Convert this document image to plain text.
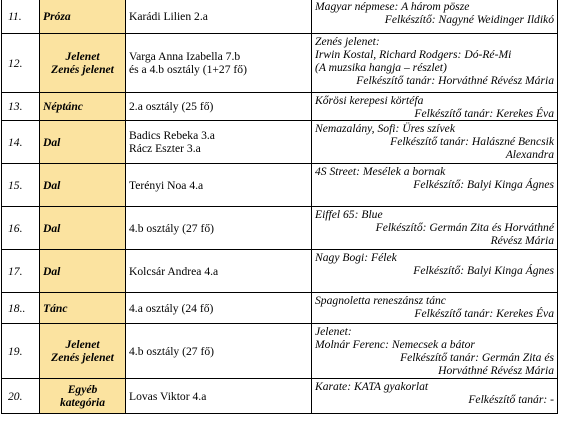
11.	Próza	Karádi Lilien 2.a	Magyar népmese: A három pösze
Felkészítő: Nagyné Weidinger Ildikó

12.	Jelenet
Zenés jelenet	Varga Anna Izabella 7.b
és a 4.b osztály (1+27 fő)	Zenés jelenet:
Irwin Kostal, Richard Rodgers: Dó-Ré-Mi
(A muzsika hangja – részlet)
Felkészítő tanár: Horváthné Révész Mária

13.	Néptánc	2.a osztály (25 fő)	Kőrösi kerepesi körtéfa
Felkészítő tanár: Kerekes Éva

14.	Dal	Badics Rebeka 3.a
Rácz Eszter 3.a	Nemazalány, Sofi: Üres szívek
Felkészítő tanár: Halászné Bencsik
Alexandra

15.	Dal	Terényi Noa 4.a	4S Street: Mesélek a bornak
Felkészítő: Balyi Kinga Ágnes

16.	Dal	4.b osztály (27 fő)	Eiffel 65: Blue
Felkészítő: Germán Zita és Horváthné
Révész Mária

17.	Dal	Kolcsár Andrea 4.a	Nagy Bogi: Félek
Felkészítő: Balyi Kinga Ágnes

18..	Tánc	4.a osztály (24 fő)	Spagnoletta reneszánsz tánc
Felkészítő tanár: Kerekes Éva

19.	Jelenet
Zenés jelenet	4.b osztály (27 fő)	Jelenet:
Molnár Ferenc: Nemecsek a bátor
Felkészítő tanár: Germán Zita és
Horváthné Révész Mária

20.	Egyéb
kategória	Lovas Viktor 4.a	Karate: KATA gyakorlat
Felkészítő tanár: -
